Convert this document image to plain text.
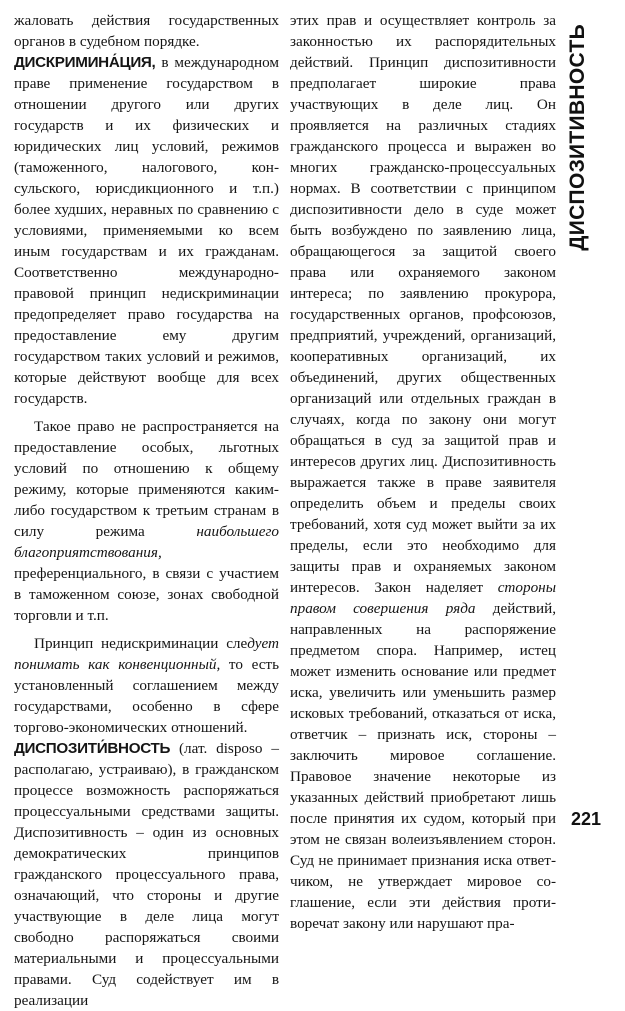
ДИСПОЗИТИВНОСТЬ

жаловать действия государственных органов в судебном порядке.

ДИСКРИМИНА́ЦИЯ, в международном праве применение государством в отношении другого или других государств и их физических и юридических лиц условий, режимов (таможенного, налогового, консульского, юрисдикционного и т.п.) более худших, неравных по сравнению с условиями, применяемыми ко всем иным государствам и их гражданам. Соответственно международно-правовой принцип недискриминации предопределяет право государства на предоставление ему другим государством таких условий и режимов, которые действуют вообще для всех государств.

Такое право не распространяется на предоставление особых, льготных условий по отношению к общему режиму, которые применяются каким-либо государством к третьим странам в силу режима наибольшего благоприятствования, преференциального, в связи с участием в таможенном союзе, зонах свободной торговли и т.п.

Принцип недискриминации следует понимать как конвенционный, то есть установленный соглашением между государствами, особенно в сфере торгово-экономических отношений.

ДИСПОЗИТИ́ВНОСТЬ (лат. disposo – располагаю, устраиваю), в гражданском процессе возможность распоряжаться процессуальными средствами защиты. Диспозитивность – один из основных демократических принципов гражданского процессуального права, означающий, что стороны и другие участвующие в деле лица могут свободно распоряжаться своими материальными и процессуальными правами. Суд содействует им в реализации

этих прав и осуществляет контроль за законностью их распорядительных действий. Принцип диспозитивности предполагает широкие права участвующих в деле лиц. Он проявляется на различных стадиях гражданского процесса и выражен во многих гражданско-процессуальных нормах. В соответствии с принципом диспозитивности дело в суде может быть возбуждено по заявлению лица, обращающегося за защитой своего права или охраняемого законом интереса; по заявлению прокурора, государственных органов, профсоюзов, предприятий, учреждений, организаций, кооперативных организаций, их объединений, других общественных организаций или отдельных граждан в случаях, когда по закону они могут обращаться в суд за защитой прав и интересов других лиц. Диспозитивность выражается также в праве заявителя определить объем и пределы своих требований, хотя суд может выйти за их пределы, если это необходимо для защиты прав и охраняемых законом интересов. Закон наделяет стороны правом совершения ряда действий, направленных на распоряжение предметом спора. Например, истец может изменить основание или предмет иска, увеличить или уменьшить размер исковых требований, отказаться от иска, ответчик – признать иск, стороны – заключить мировое соглашение. Правовое значение некоторые из указанных действий приобретают лишь после принятия их судом, который при этом не связан волеизъявлением сторон. Суд не принимает признания иска ответчиком, не утверждает мировое соглашение, если эти действия противоречат закону или нарушают пра-

221
